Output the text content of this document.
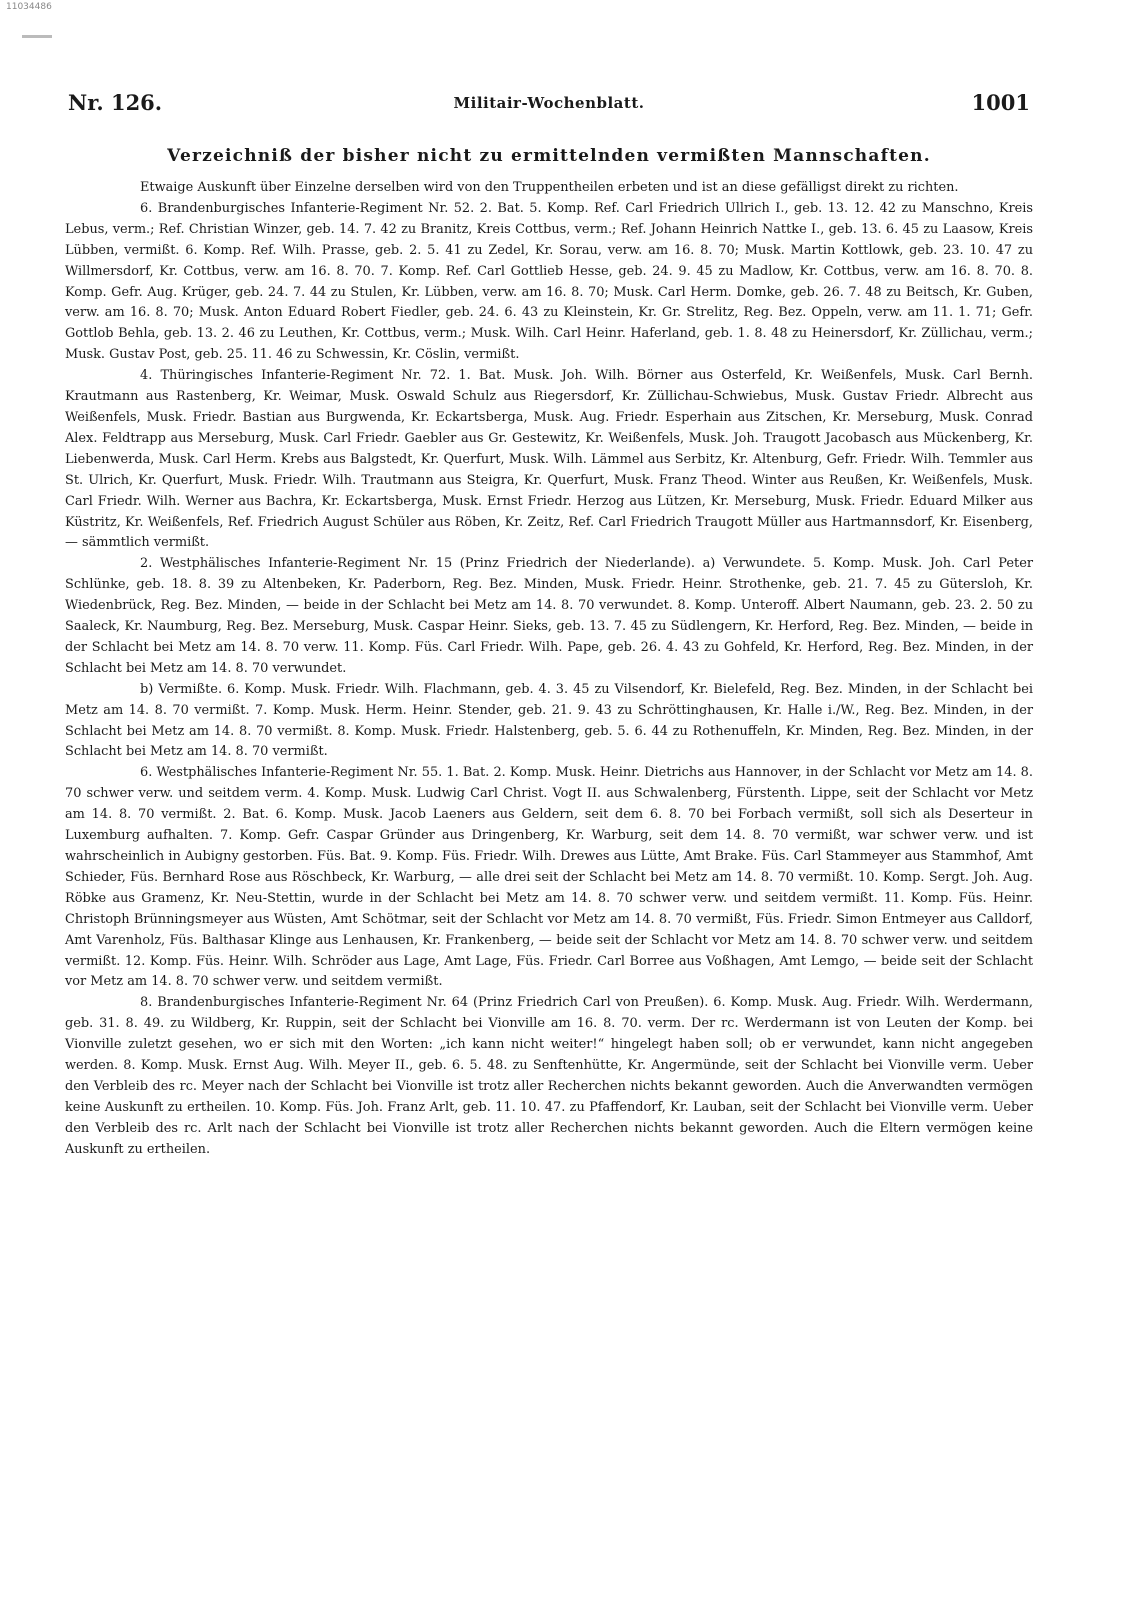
11034486
Nr. 126.	Militair-Wochenblatt.	1001
Verzeichniß der bisher nicht zu ermittelnden vermißten Mannschaften.

Etwaige Auskunft über Einzelne derselben wird von den Truppentheilen erbeten und ist an diese gefälligst direkt zu richten.

6. Brandenburgisches Infanterie-Regiment Nr. 52. 2. Bat. 5. Komp. Ref. Carl Friedrich Ullrich I., geb. 13. 12. 42 zu Manschno, Kreis Lebus, verm.; Ref. Christian Winzer, geb. 14. 7. 42 zu Branitz, Kreis Cottbus, verm.; Ref. Johann Heinrich Nattke I., geb. 13. 6. 45 zu Laasow, Kreis Lübben, vermißt. 6. Komp. Ref. Wilh. Prasse, geb. 2. 5. 41 zu Zedel, Kr. Sorau, verw. am 16. 8. 70; Musk. Martin Kottlowk, geb. 23. 10. 47 zu Willmersdorf, Kr. Cottbus, verw. am 16. 8. 70. 7. Komp. Ref. Carl Gottlieb Hesse, geb. 24. 9. 45 zu Madlow, Kr. Cottbus, verw. am 16. 8. 70. 8. Komp. Gefr. Aug. Krüger, geb. 24. 7. 44 zu Stulen, Kr. Lübben, verw. am 16. 8. 70; Musk. Carl Herm. Domke, geb. 26. 7. 48 zu Beitsch, Kr. Guben, verw. am 16. 8. 70; Musk. Anton Eduard Robert Fiedler, geb. 24. 6. 43 zu Kleinstein, Kr. Gr. Strelitz, Reg. Bez. Oppeln, verw. am 11. 1. 71; Gefr. Gottlob Behla, geb. 13. 2. 46 zu Leuthen, Kr. Cottbus, verm.; Musk. Wilh. Carl Heinr. Haferland, geb. 1. 8. 48 zu Heinersdorf, Kr. Züllichau, verm.; Musk. Gustav Post, geb. 25. 11. 46 zu Schwessin, Kr. Cöslin, vermißt.

4. Thüringisches Infanterie-Regiment Nr. 72. 1. Bat. Musk. Joh. Wilh. Börner aus Osterfeld, Kr. Weißenfels, Musk. Carl Bernh. Krautmann aus Rastenberg, Kr. Weimar, Musk. Oswald Schulz aus Riegersdorf, Kr. Züllichau-Schwiebus, Musk. Gustav Friedr. Albrecht aus Weißenfels, Musk. Friedr. Bastian aus Burgwenda, Kr. Eckartsberga, Musk. Aug. Friedr. Esperhain aus Zitschen, Kr. Merseburg, Musk. Conrad Alex. Feldtrapp aus Merseburg, Musk. Carl Friedr. Gaebler aus Gr. Gestewitz, Kr. Weißenfels, Musk. Joh. Traugott Jacobasch aus Mückenberg, Kr. Liebenwerda, Musk. Carl Herm. Krebs aus Balgstedt, Kr. Querfurt, Musk. Wilh. Lämmel aus Serbitz, Kr. Altenburg, Gefr. Friedr. Wilh. Temmler aus St. Ulrich, Kr. Querfurt, Musk. Friedr. Wilh. Trautmann aus Steigra, Kr. Querfurt, Musk. Franz Theod. Winter aus Reußen, Kr. Weißenfels, Musk. Carl Friedr. Wilh. Werner aus Bachra, Kr. Eckartsberga, Musk. Ernst Friedr. Herzog aus Lützen, Kr. Merseburg, Musk. Friedr. Eduard Milker aus Küstritz, Kr. Weißenfels, Ref. Friedrich August Schüler aus Röben, Kr. Zeitz, Ref. Carl Friedrich Traugott Müller aus Hartmannsdorf, Kr. Eisenberg, — sämmtlich vermißt.

2. Westphälisches Infanterie-Regiment Nr. 15 (Prinz Friedrich der Niederlande). a) Verwundete. 5. Komp. Musk. Joh. Carl Peter Schlünke, geb. 18. 8. 39 zu Altenbeken, Kr. Paderborn, Reg. Bez. Minden, Musk. Friedr. Heinr. Strothenke, geb. 21. 7. 45 zu Gütersloh, Kr. Wiedenbrück, Reg. Bez. Minden, — beide in der Schlacht bei Metz am 14. 8. 70 verwundet. 8. Komp. Unteroff. Albert Naumann, geb. 23. 2. 50 zu Saaleck, Kr. Naumburg, Reg. Bez. Merseburg, Musk. Caspar Heinr. Sieks, geb. 13. 7. 45 zu Südlengern, Kr. Herford, Reg. Bez. Minden, — beide in der Schlacht bei Metz am 14. 8. 70 verw. 11. Komp. Füs. Carl Friedr. Wilh. Pape, geb. 26. 4. 43 zu Gohfeld, Kr. Herford, Reg. Bez. Minden, in der Schlacht bei Metz am 14. 8. 70 verwundet.

b) Vermißte. 6. Komp. Musk. Friedr. Wilh. Flachmann, geb. 4. 3. 45 zu Vilsendorf, Kr. Bielefeld, Reg. Bez. Minden, in der Schlacht bei Metz am 14. 8. 70 vermißt. 7. Komp. Musk. Herm. Heinr. Stender, geb. 21. 9. 43 zu Schröttinghausen, Kr. Halle i./W., Reg. Bez. Minden, in der Schlacht bei Metz am 14. 8. 70 vermißt. 8. Komp. Musk. Friedr. Halstenberg, geb. 5. 6. 44 zu Rothenuffeln, Kr. Minden, Reg. Bez. Minden, in der Schlacht bei Metz am 14. 8. 70 vermißt.

6. Westphälisches Infanterie-Regiment Nr. 55. 1. Bat. 2. Komp. Musk. Heinr. Dietrichs aus Hannover, in der Schlacht vor Metz am 14. 8. 70 schwer verw. und seitdem verm. 4. Komp. Musk. Ludwig Carl Christ. Vogt II. aus Schwalenberg, Fürstenth. Lippe, seit der Schlacht vor Metz am 14. 8. 70 vermißt. 2. Bat. 6. Komp. Musk. Jacob Laeners aus Geldern, seit dem 6. 8. 70 bei Forbach vermißt, soll sich als Deserteur in Luxemburg aufhalten. 7. Komp. Gefr. Caspar Gründer aus Dringenberg, Kr. Warburg, seit dem 14. 8. 70 vermißt, war schwer verw. und ist wahrscheinlich in Aubigny gestorben. Füs. Bat. 9. Komp. Füs. Friedr. Wilh. Drewes aus Lütte, Amt Brake. Füs. Carl Stammeyer aus Stammhof, Amt Schieder, Füs. Bernhard Rose aus Röschbeck, Kr. Warburg, — alle drei seit der Schlacht bei Metz am 14. 8. 70 vermißt. 10. Komp. Sergt. Joh. Aug. Röbke aus Gramenz, Kr. Neu-Stettin, wurde in der Schlacht bei Metz am 14. 8. 70 schwer verw. und seitdem vermißt. 11. Komp. Füs. Heinr. Christoph Brünningsmeyer aus Wüsten, Amt Schötmar, seit der Schlacht vor Metz am 14. 8. 70 vermißt, Füs. Friedr. Simon Entmeyer aus Calldorf, Amt Varenholz, Füs. Balthasar Klinge aus Lenhausen, Kr. Frankenberg, — beide seit der Schlacht vor Metz am 14. 8. 70 schwer verw. und seitdem vermißt. 12. Komp. Füs. Heinr. Wilh. Schröder aus Lage, Amt Lage, Füs. Friedr. Carl Borree aus Voßhagen, Amt Lemgo, — beide seit der Schlacht vor Metz am 14. 8. 70 schwer verw. und seitdem vermißt.

8. Brandenburgisches Infanterie-Regiment Nr. 64 (Prinz Friedrich Carl von Preußen). 6. Komp. Musk. Aug. Friedr. Wilh. Werdermann, geb. 31. 8. 49. zu Wildberg, Kr. Ruppin, seit der Schlacht bei Vionville am 16. 8. 70. verm. Der rc. Werdermann ist von Leuten der Komp. bei Vionville zuletzt gesehen, wo er sich mit den Worten: „ich kann nicht weiter!“ hingelegt haben soll; ob er verwundet, kann nicht angegeben werden. 8. Komp. Musk. Ernst Aug. Wilh. Meyer II., geb. 6. 5. 48. zu Senftenhütte, Kr. Angermünde, seit der Schlacht bei Vionville verm. Ueber den Verbleib des rc. Meyer nach der Schlacht bei Vionville ist trotz aller Recherchen nichts bekannt geworden. Auch die Anverwandten vermögen keine Auskunft zu ertheilen. 10. Komp. Füs. Joh. Franz Arlt, geb. 11. 10. 47. zu Pfaffendorf, Kr. Lauban, seit der Schlacht bei Vionville verm. Ueber den Verbleib des rc. Arlt nach der Schlacht bei Vionville ist trotz aller Recherchen nichts bekannt geworden. Auch die Eltern vermögen keine Auskunft zu ertheilen.
